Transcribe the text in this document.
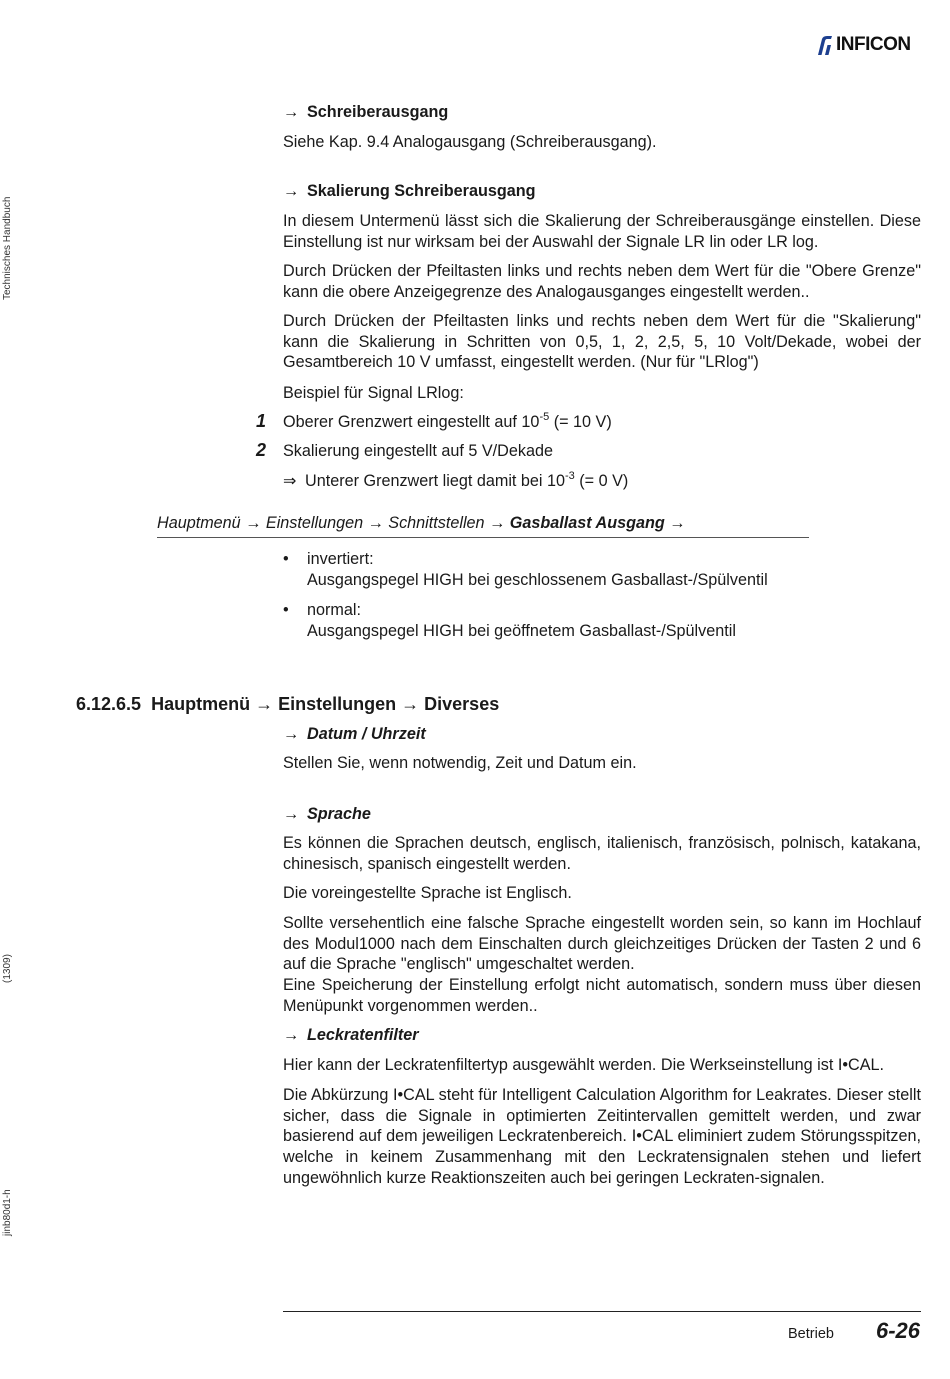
INFICON
Technisches Handbuch
(1309)
jinb80d1-h
→ Schreiberausgang
Siehe Kap. 9.4 Analogausgang (Schreiberausgang).
→ Skalierung Schreiberausgang
In diesem Untermenü lässt sich die Skalierung der Schreiberausgänge einstellen. Diese Einstellung ist nur wirksam bei der Auswahl der Signale LR lin oder LR log.
Durch Drücken der Pfeiltasten links und rechts neben dem Wert für die "Obere Grenze" kann die obere Anzeigegrenze des Analogausganges eingestellt werden..
Durch Drücken der Pfeiltasten links und rechts neben dem Wert für die "Skalierung" kann die Skalierung in Schritten von 0,5, 1, 2, 2,5, 5, 10 Volt/Dekade, wobei der Gesamtbereich 10 V umfasst, eingestellt werden. (Nur für "LRlog")
Beispiel für Signal LRlog:
1 Oberer Grenzwert eingestellt auf $10^{-5}$ (= 10 V)
2 Skalierung eingestellt auf 5 V/Dekade
⇒ Unterer Grenzwert liegt damit bei $10^{-3}$ (= 0 V)
Hauptmenü → Einstellungen → Schnittstellen → Gasballast Ausgang →
• invertiert:
Ausgangspegel HIGH bei geschlossenem Gasballast-/Spülventil
• normal:
Ausgangspegel HIGH bei geöffnetem Gasballast-/Spülventil
6.12.6.5 Hauptmenü → Einstellungen → Diverses
→ Datum / Uhrzeit
Stellen Sie, wenn notwendig, Zeit und Datum ein.
→ Sprache
Es können die Sprachen deutsch, englisch, italienisch, französisch, polnisch, katakana, chinesisch, spanisch eingestellt werden.
Die voreingestellte Sprache ist Englisch.
Sollte versehentlich eine falsche Sprache eingestellt worden sein, so kann im Hochlauf des Modul1000 nach dem Einschalten durch gleichzeitiges Drücken der Tasten 2 und 6 auf die Sprache "englisch" umgeschaltet werden.
Eine Speicherung der Einstellung erfolgt nicht automatisch, sondern muss über diesen Menüpunkt vorgenommen werden..
→ Leckratenfilter
Hier kann der Leckratenfiltertyp ausgewählt werden. Die Werkseinstellung ist I•CAL.
Die Abkürzung I•CAL steht für Intelligent Calculation Algorithm for Leakrates. Dieser stellt sicher, dass die Signale in optimierten Zeitintervallen gemittelt werden, und zwar basierend auf dem jeweiligen Leckratenbereich. I•CAL eliminiert zudem Störungsspitzen, welche in keinem Zusammenhang mit den Leckratensignalen stehen und liefert ungewöhnlich kurze Reaktionszeiten auch bei geringen Leckraten-signalen.
Betrieb 6-26
